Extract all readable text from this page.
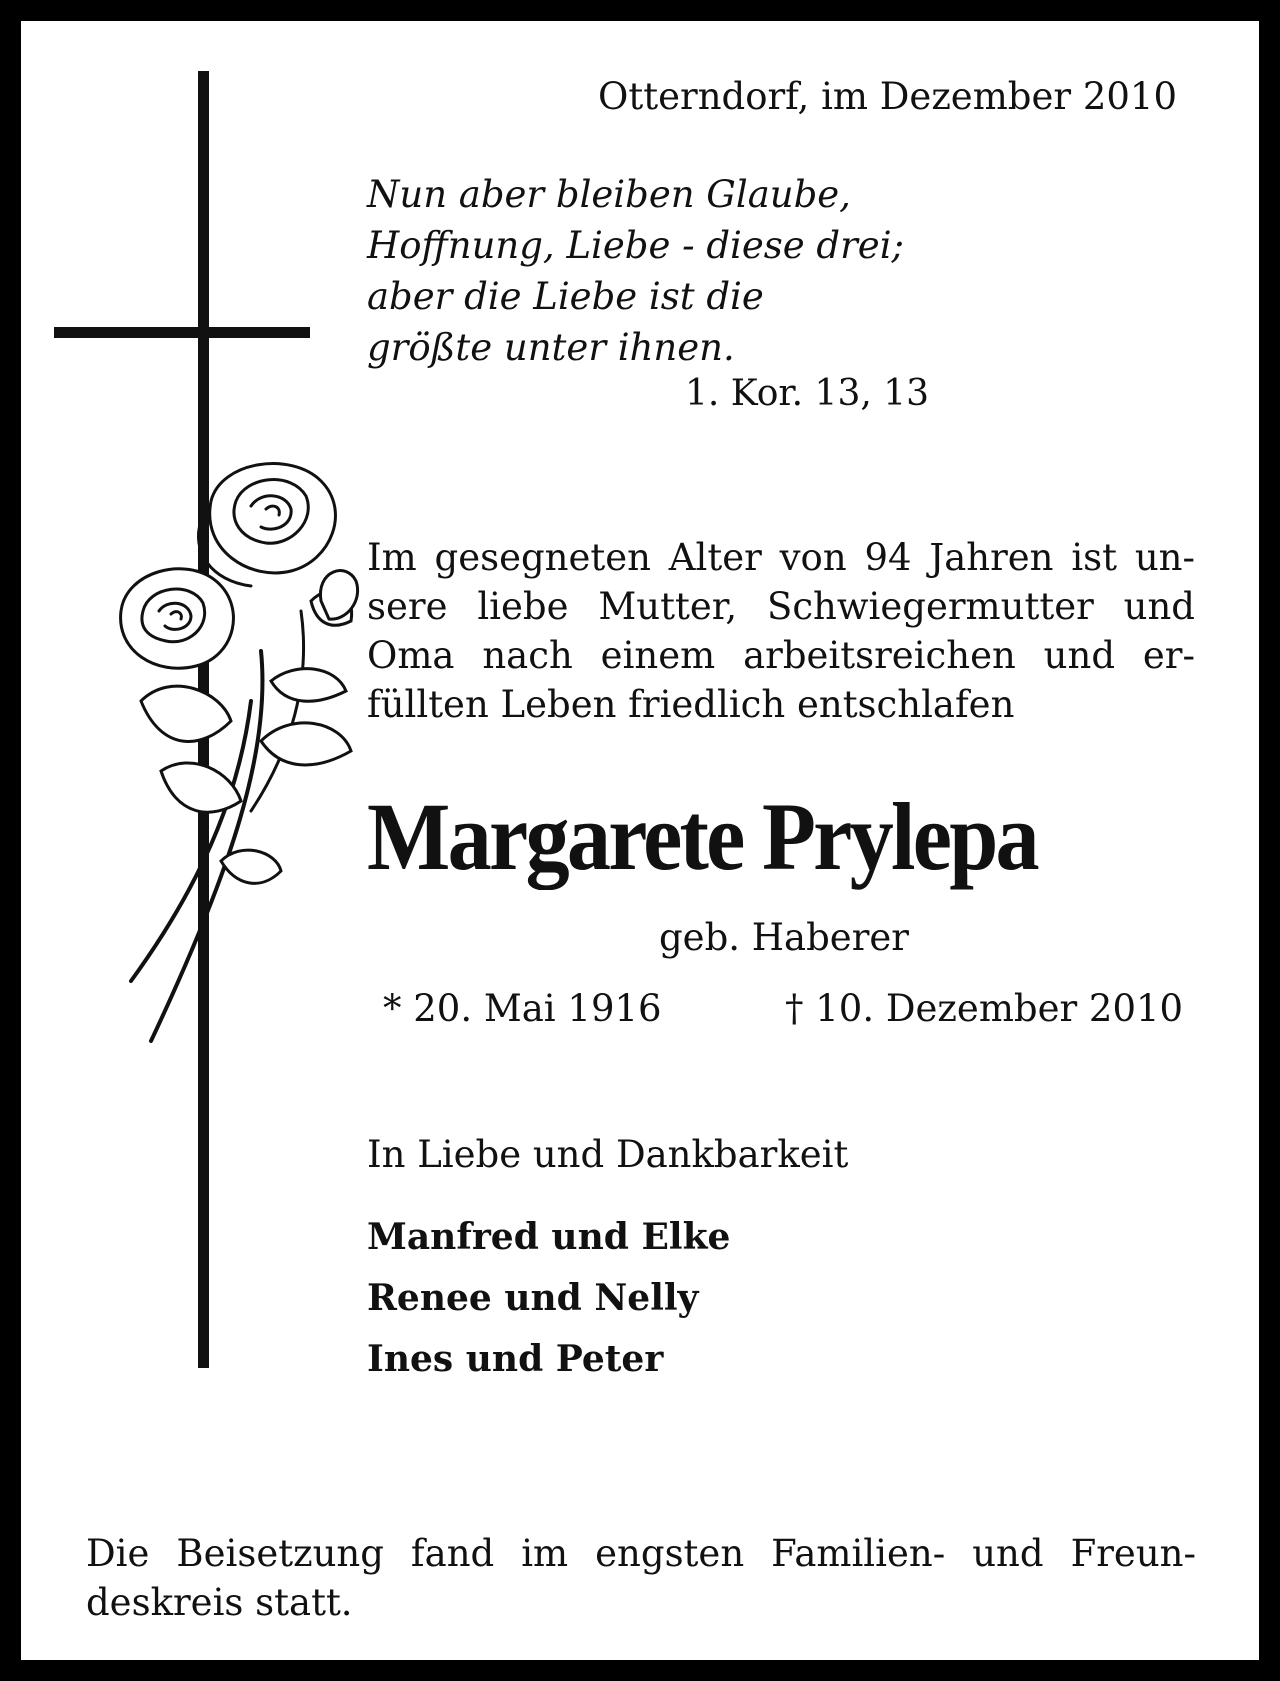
Otterndorf, im Dezember 2010
Nun aber bleiben Glaube,
Hoffnung, Liebe - diese drei;
aber die Liebe ist die
größte unter ihnen.
1. Kor. 13, 13
Im gesegneten Alter von 94 Jahren ist un-
sere liebe Mutter, Schwiegermutter und
Oma nach einem arbeitsreichen und er-
füllten Leben friedlich entschlafen
Margarete Prylepa
geb. Haberer
* 20. Mai 1916	† 10. Dezember 2010
In Liebe und Dankbarkeit
Manfred und Elke
Renee und Nelly
Ines und Peter
Die Beisetzung fand im engsten Familien- und Freun-
deskreis statt.
